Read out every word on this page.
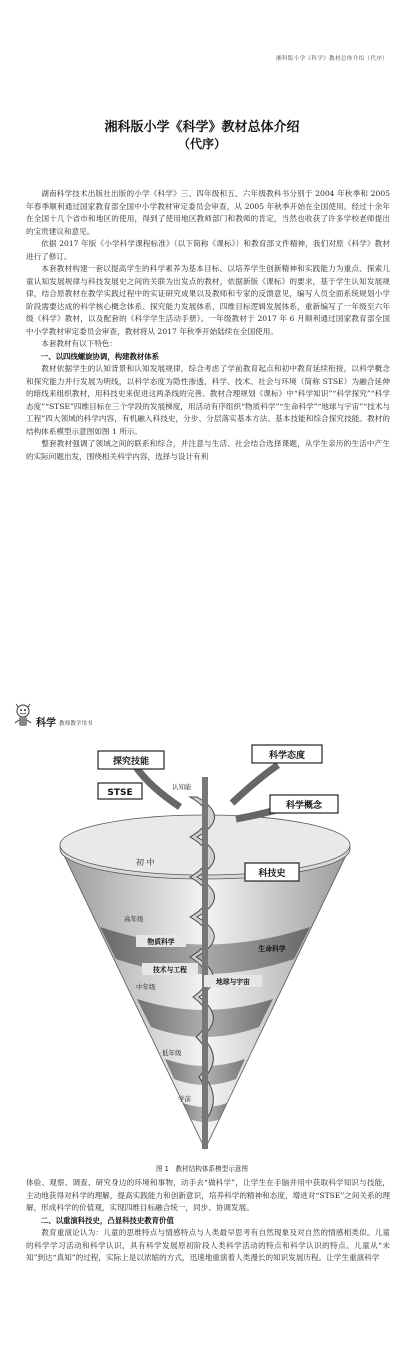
湘科版小学《科学》教材总体介绍（代序）
湘科版小学《科学》教材总体介绍
（代序）

湖南科学技术出版社出版的小学《科学》三、四年级和五、六年级教科书分别于 2004 年秋季和 2005 年春季顺利通过国家教育部全国中小学教材审定委员会审查，从 2005 年秋季开始在全国使用。经过十余年在全国十几个省市和地区的使用，得到了使用地区教师部门和教师的肯定，当然也收获了许多学校老师提出的宝贵建议和意见。

依据 2017 年版《小学科学课程标准》（以下简称《课标》）和教育部文件精神，我们对原《科学》教材进行了修订。

本套教材构建一套以提高学生的科学素养为基本目标、以培养学生创新精神和实践能力为重点、探索儿童认知发展规律与科技发展史之间的关联为出发点的教材，依据新版《课标》的要求，基于学生认知发展规律，结合原教材在教学实践过程中的实证研究成果以及教师和专家的反馈意见，编写人员全面系统规划小学阶段需要达成的科学核心概念体系、探究能力发展体系、四维目标逻辑发展体系，重新编写了一年级至六年级《科学》教材，以及配套的《科学学生活动手册》。一年级教材于 2017 年 6 月顺利通过国家教育部全国中小学教材审定委员会审查，教材将从 2017 年秋季开始陆续在全国使用。

本套教材有以下特色：

一、以四线螺旋协调，构建教材体系

教材依据学生的认知背景和认知发展规律，综合考虑了学前教育起点和初中教育延续衔接，以科学概念和探究能力并行发展为明线，以科学态度为隐性渗透，科学、技术、社会与环境（简称 STSE）为融合延伸的暗线来组织教材，用科技史来促进这两条线的完善。教材合理规划《课标》中“科学知识”“科学探究”“科学态度”“STSE”四维目标在三个学段的发展梯度，用活动有序组织“物质科学”“生命科学”“地球与宇宙”“技术与工程”四大领域的科学内容，有机融入科技史，分步、分层落实基本方法、基本技能和综合探究技能。教材的结构体系模型示意图如图 1 所示。

整套教材强调了领域之间的联系和综合，并注意与生活、社会结合选择课题，从学生亲历的生活中产生的实际问题出发，围绕相关科学内容，选择与设计有利

科学 教师教学用书
探究技能
科学态度
科学概念
STSE
科技史
认知能
初 中
高年级
中年级
低年级
学前
物质科学
生命科学
技术与工程
地球与宇宙
图 1　教材结构体系模型示意图

体验、观察、调查、研究身边的环境和事物，动手去“做科学”，让学生在手脑并用中获取科学知识与技能，主动地获得对科学的理解，提高实践能力和创新意识，培养科学的精神和态度，增进对“STSE”之间关系的理解，形成科学的价值观，实现四维目标融合统一，同步、协调发展。

二、以重演科技史，凸显科技史教育价值

教育重演论认为：儿童的思维特点与情感特点与人类最早思考有自然现象及对自然的情感相类似。儿童的科学学习活动和科学认识，具有科学发展原初阶段人类科学活动的特点和科学认识的特点。儿童从“未知”到达“真知”的过程，实际上是以浓缩的方式，迅速地重演着人类漫长的知识发展历程。让学生重演科学
